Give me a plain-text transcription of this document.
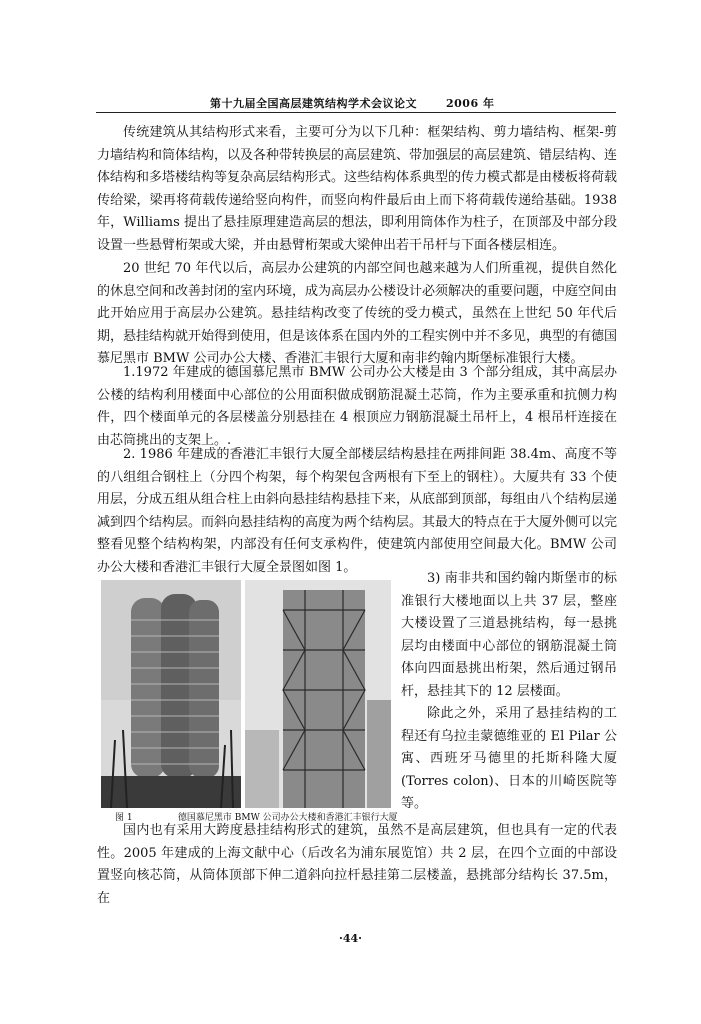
第十九届全国高层建筑结构学术会议论文	2006 年

传统建筑从其结构形式来看，主要可分为以下几种：框架结构、剪力墙结构、框架-剪力墙结构和筒体结构，以及各种带转换层的高层建筑、带加强层的高层建筑、错层结构、连体结构和多塔楼结构等复杂高层结构形式。这些结构体系典型的传力模式都是由楼板将荷载传给梁，梁再将荷载传递给竖向构件，而竖向构件最后由上而下将荷载传递给基础。1938 年，Williams 提出了悬挂原理建造高层的想法，即利用筒体作为柱子，在顶部及中部分段设置一些悬臂桁架或大梁，并由悬臂桁架或大梁伸出若干吊杆与下面各楼层相连。

20 世纪 70 年代以后，高层办公建筑的内部空间也越来越为人们所重视，提供自然化的休息空间和改善封闭的室内环境，成为高层办公楼设计必须解决的重要问题，中庭空间由此开始应用于高层办公建筑。悬挂结构改变了传统的受力模式，虽然在上世纪 50 年代后期，悬挂结构就开始得到使用，但是该体系在国内外的工程实例中并不多见，典型的有德国慕尼黑市 BMW 公司办公大楼、香港汇丰银行大厦和南非约翰内斯堡标准银行大楼。

1.1972 年建成的德国慕尼黑市 BMW 公司办公大楼是由 3 个部分组成，其中高层办公楼的结构利用楼面中心部位的公用面积做成钢筋混凝土芯筒，作为主要承重和抗侧力构件，四个楼面单元的各层楼盖分别悬挂在 4 根顶应力钢筋混凝土吊杆上，4 根吊杆连接在由芯筒挑出的支架上。.

2. 1986 年建成的香港汇丰银行大厦全部楼层结构悬挂在两排间距 38.4m、高度不等的八组组合钢柱上（分四个构架，每个构架包含两根有下至上的钢柱）。大厦共有 33 个使用层，分成五组从组合柱上由斜向悬挂结构悬挂下来，从底部到顶部，每组由八个结构层递减到四个结构层。而斜向悬挂结构的高度为两个结构层。其最大的特点在于大厦外侧可以完整看见整个结构构架，内部没有任何支承构件，使建筑内部使用空间最大化。BMW 公司办公大楼和香港汇丰银行大厦全景图如图 1。

图 1	德国慕尼黑市 BMW 公司办公大楼和香港汇丰银行大厦

3) 南非共和国约翰内斯堡市的标准银行大楼地面以上共 37 层，整座大楼设置了三道悬挑结构，每一悬挑层均由楼面中心部位的钢筋混凝土筒体向四面悬挑出桁架，然后通过钢吊杆，悬挂其下的 12 层楼面。

除此之外，采用了悬挂结构的工程还有乌拉圭蒙德维亚的 El Pilar 公寓、西班牙马德里的托斯科隆大厦(Torres colon)、日本的川崎医院等等。

国内也有采用大跨度悬挂结构形式的建筑，虽然不是高层建筑，但也具有一定的代表性。2005 年建成的上海文献中心（后改名为浦东展览馆）共 2 层，在四个立面的中部设置竖向核芯筒，从筒体顶部下伸二道斜向拉杆悬挂第二层楼盖，悬挑部分结构长 37.5m，在

·44·
